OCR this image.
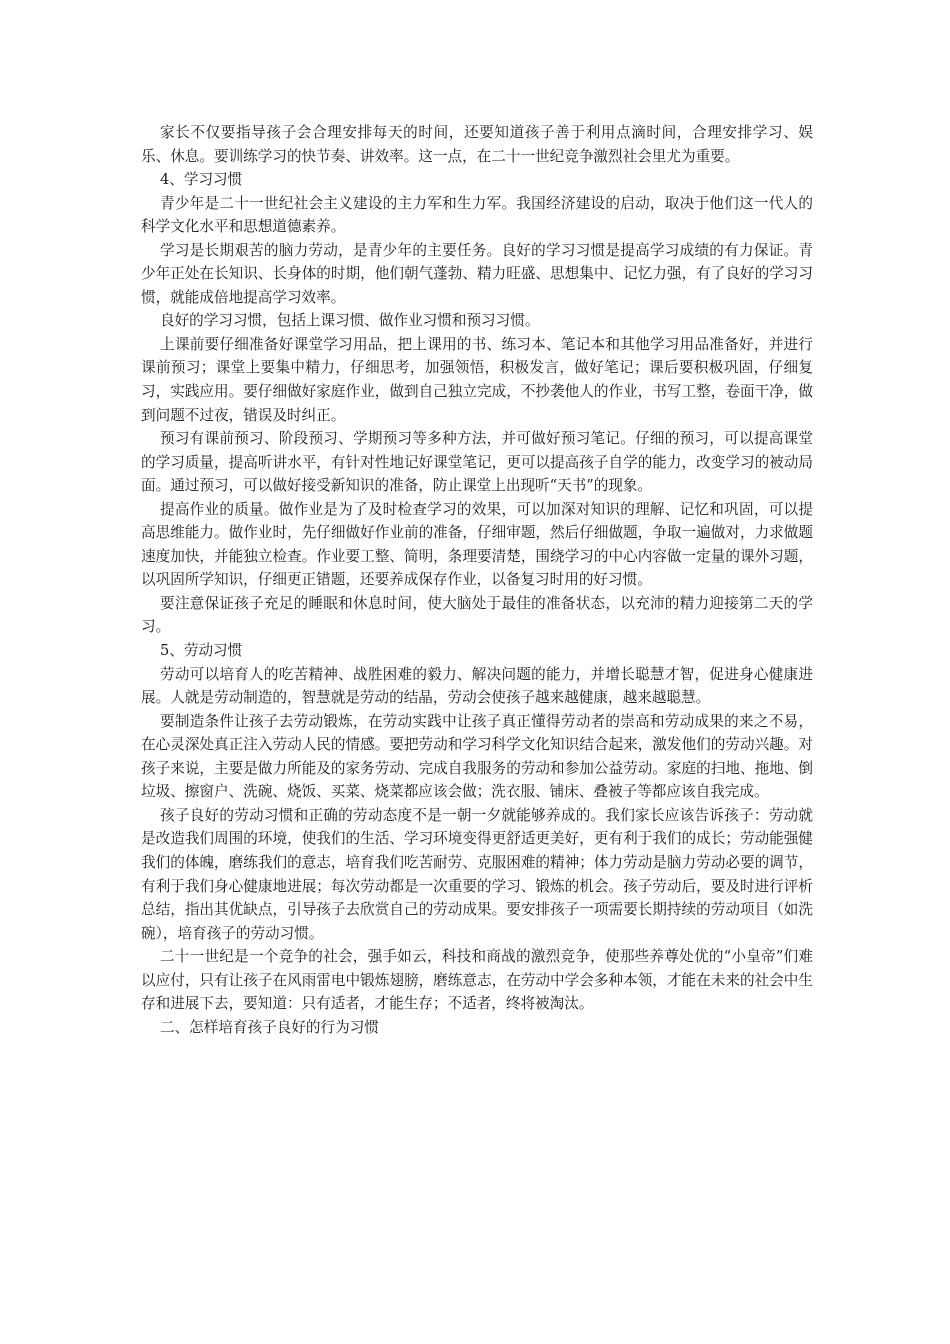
家长不仅要指导孩子会合理安排每天的时间，还要知道孩子善于利用点滴时间，合理安排学习、娱乐、休息。要训练学习的快节奏、讲效率。这一点，在二十一世纪竞争激烈社会里尤为重要。

4、学习习惯

青少年是二十一世纪社会主义建设的主力军和生力军。我国经济建设的启动，取决于他们这一代人的科学文化水平和思想道德素养。

学习是长期艰苦的脑力劳动，是青少年的主要任务。良好的学习习惯是提高学习成绩的有力保证。青少年正处在长知识、长身体的时期，他们朝气蓬勃、精力旺盛、思想集中、记忆力强，有了良好的学习习惯，就能成倍地提高学习效率。

良好的学习习惯，包括上课习惯、做作业习惯和预习习惯。

上课前要仔细准备好课堂学习用品，把上课用的书、练习本、笔记本和其他学习用品准备好，并进行课前预习；课堂上要集中精力，仔细思考，加强领悟，积极发言，做好笔记；课后要积极巩固，仔细复习，实践应用。要仔细做好家庭作业，做到自己独立完成，不抄袭他人的作业，书写工整，卷面干净，做到问题不过夜，错误及时纠正。

预习有课前预习、阶段预习、学期预习等多种方法，并可做好预习笔记。仔细的预习，可以提高课堂的学习质量，提高听讲水平，有针对性地记好课堂笔记，更可以提高孩子自学的能力，改变学习的被动局面。通过预习，可以做好接受新知识的准备，防止课堂上出现听“天书”的现象。

提高作业的质量。做作业是为了及时检查学习的效果，可以加深对知识的理解、记忆和巩固，可以提高思维能力。做作业时，先仔细做好作业前的准备，仔细审题，然后仔细做题，争取一遍做对，力求做题速度加快，并能独立检查。作业要工整、简明，条理要清楚，围绕学习的中心内容做一定量的课外习题，以巩固所学知识，仔细更正错题，还要养成保存作业，以备复习时用的好习惯。

要注意保证孩子充足的睡眠和休息时间，使大脑处于最佳的准备状态，以充沛的精力迎接第二天的学习。

5、劳动习惯

劳动可以培育人的吃苦精神、战胜困难的毅力、解决问题的能力，并增长聪慧才智，促进身心健康进展。人就是劳动制造的，智慧就是劳动的结晶，劳动会使孩子越来越健康，越来越聪慧。

要制造条件让孩子去劳动锻炼，在劳动实践中让孩子真正懂得劳动者的崇高和劳动成果的来之不易，在心灵深处真正注入劳动人民的情感。要把劳动和学习科学文化知识结合起来，激发他们的劳动兴趣。对孩子来说，主要是做力所能及的家务劳动、完成自我服务的劳动和参加公益劳动。家庭的扫地、拖地、倒垃圾、擦窗户、洗碗、烧饭、买菜、烧菜都应该会做；洗衣服、铺床、叠被子等都应该自我完成。

孩子良好的劳动习惯和正确的劳动态度不是一朝一夕就能够养成的。我们家长应该告诉孩子：劳动就是改造我们周围的环境，使我们的生活、学习环境变得更舒适更美好，更有利于我们的成长；劳动能强健我们的体魄，磨练我们的意志，培育我们吃苦耐劳、克服困难的精神；体力劳动是脑力劳动必要的调节，有利于我们身心健康地进展；每次劳动都是一次重要的学习、锻炼的机会。孩子劳动后，要及时进行评析总结，指出其优缺点，引导孩子去欣赏自己的劳动成果。要安排孩子一项需要长期持续的劳动项目（如洗碗），培育孩子的劳动习惯。

二十一世纪是一个竞争的社会，强手如云，科技和商战的激烈竞争，使那些养尊处优的“小皇帝”们难以应付，只有让孩子在风雨雷电中锻炼翅膀，磨练意志，在劳动中学会多种本领，才能在未来的社会中生存和进展下去，要知道：只有适者，才能生存；不适者，终将被淘汰。

二、怎样培育孩子良好的行为习惯
